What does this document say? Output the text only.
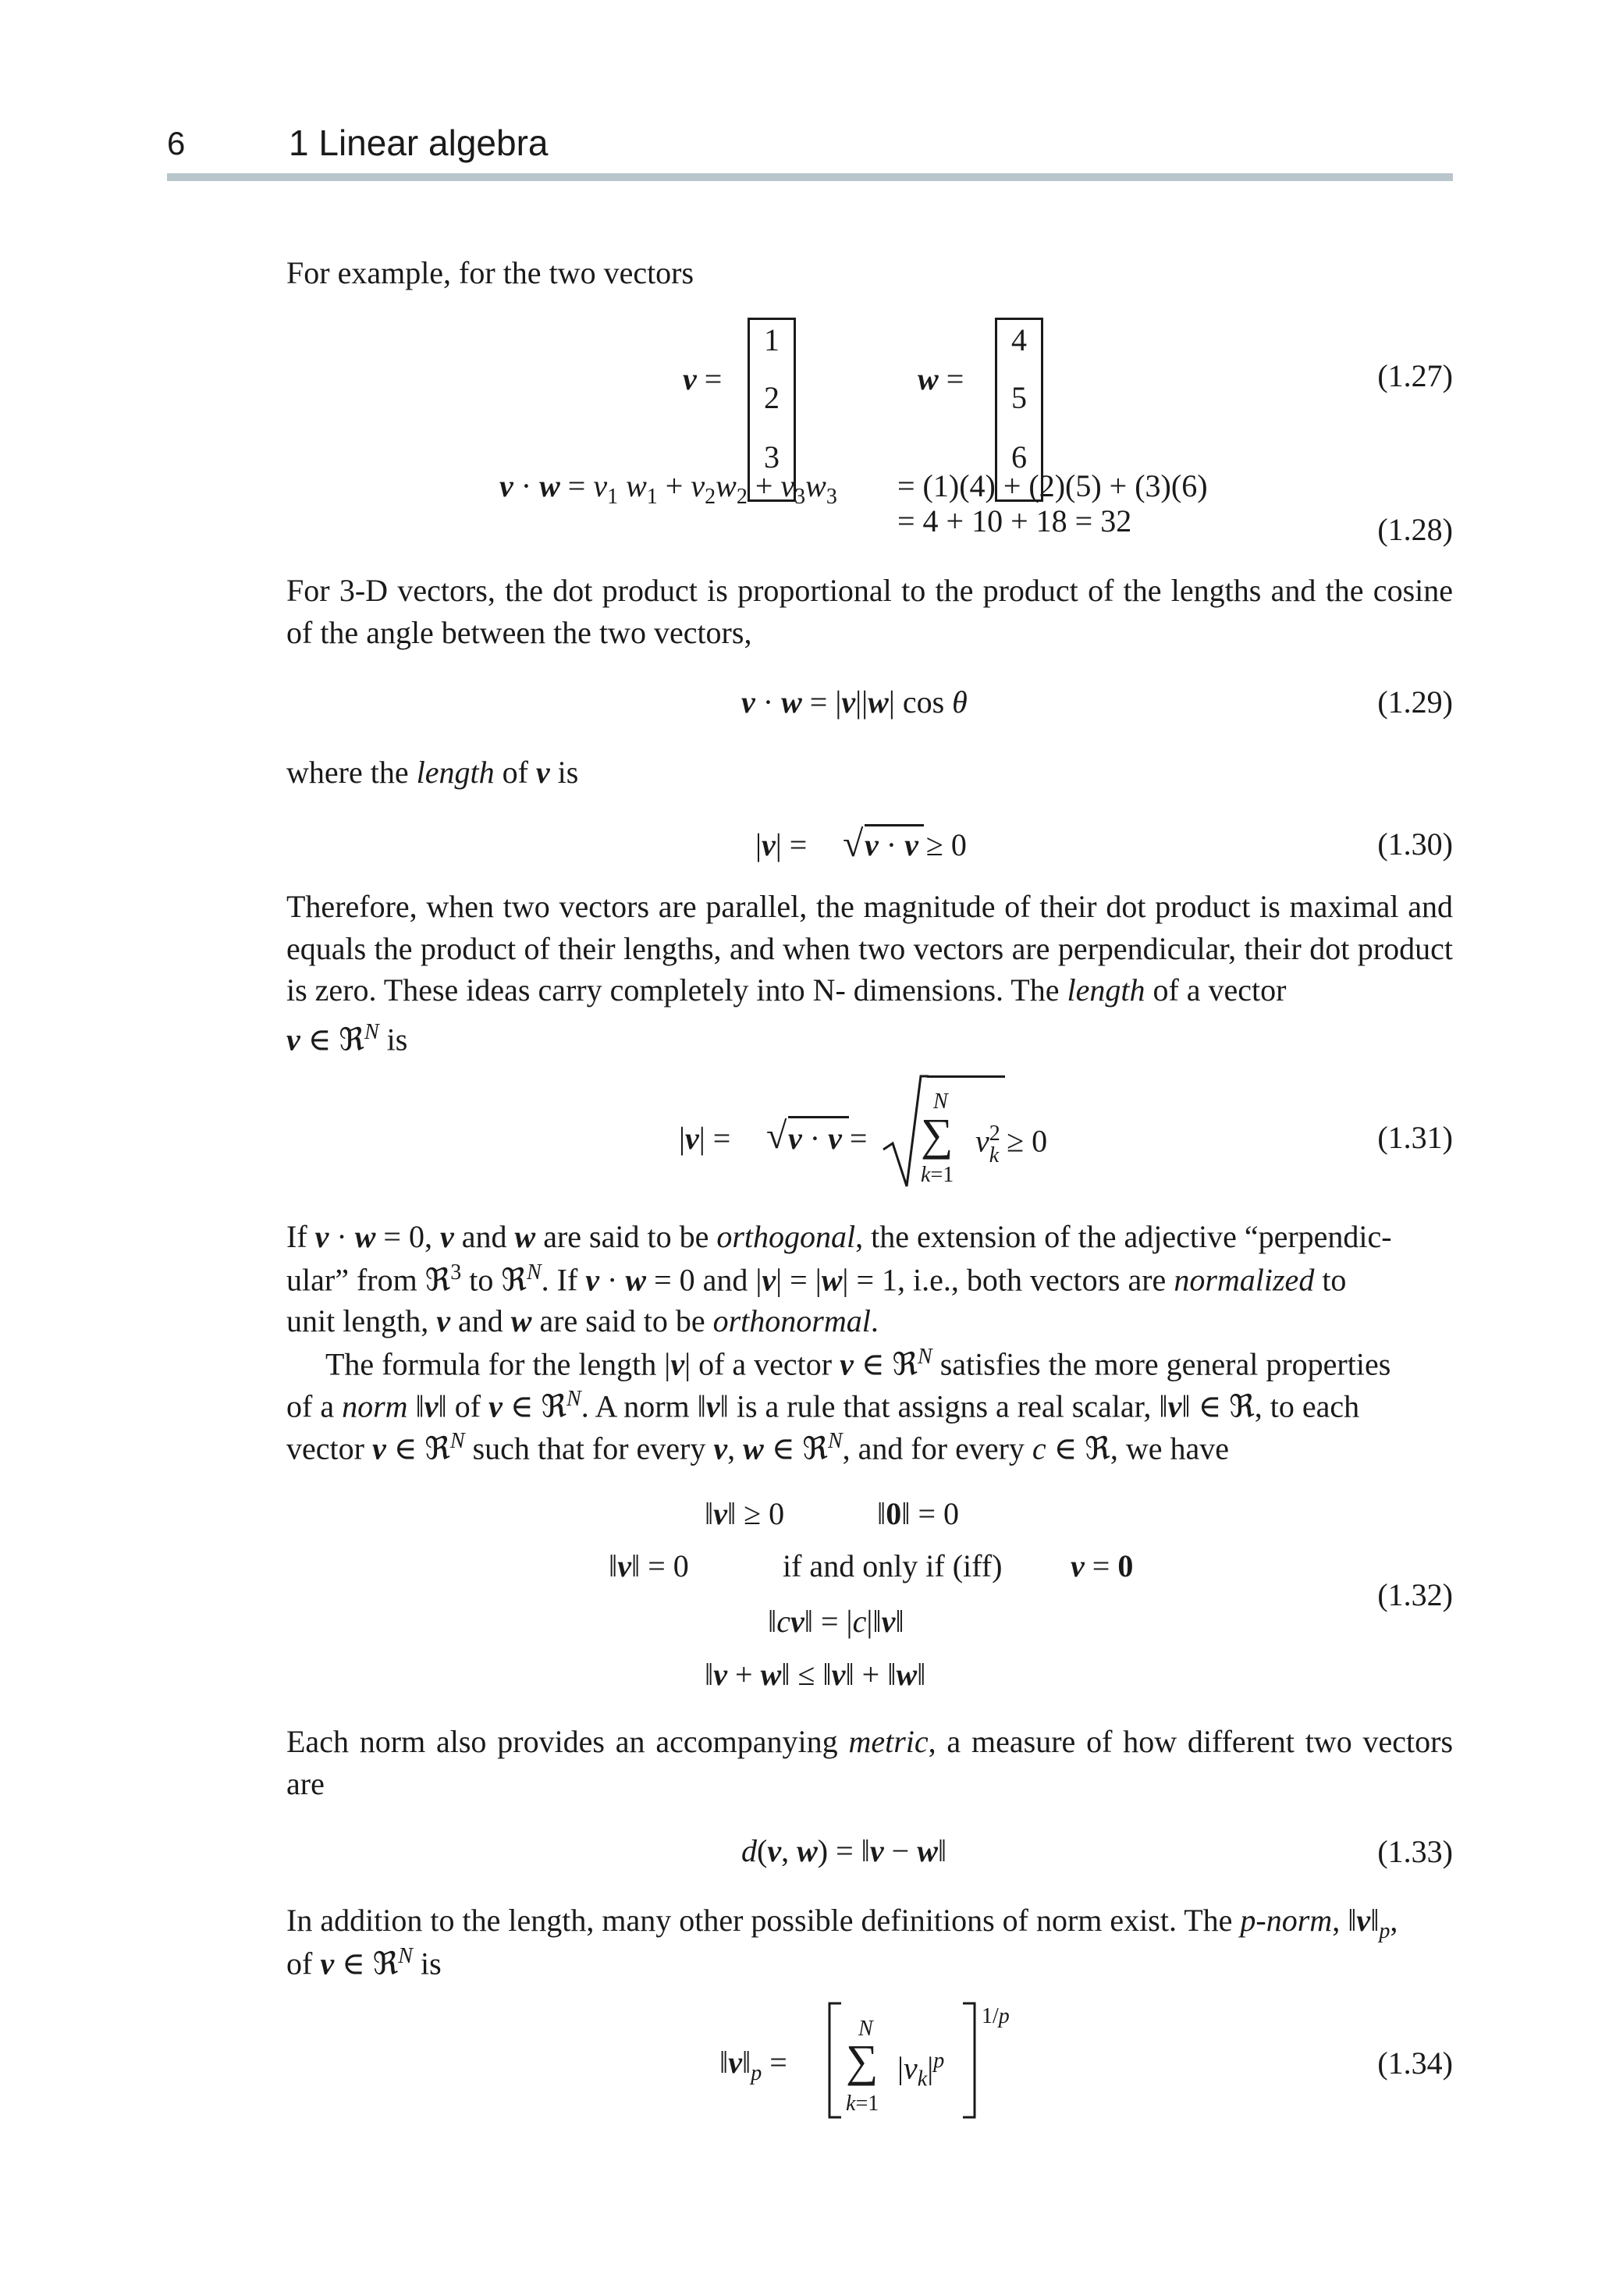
6	1 Linear algebra

For example, for the two vectors

v =
1
2
3
w =
4
5
6
(1.27)
$v \cdot w = v_1$ $w_1 + v_2w_2 + v_3w_3 = (1)(4) + (2)(5) + (3)(6)$
= 4 + 10 + 18 = 32	(1.28)

For 3-D vectors, the dot product is proportional to the product of the lengths and the cosine of the angle between the two vectors,

v · w = |v||w| cos θ	(1.29)

where the length of v is

|v| = √ v · v ≥ 0	(1.30)

Therefore, when two vectors are parallel, the magnitude of their dot product is maximal and equals the product of their lengths, and when two vectors are perpendicular, their dot product is zero. These ideas carry completely into N- dimensions. The length of a vector
v ∈ ℜ$^N$ is

|v| = √ v · v =
N
∑
k=1
$v^2_k \ge 0$	(1.31)

If v · w = 0, v and w are said to be orthogonal, the extension of the adjective “perpendic-

ular” from ℜ$^3$ to ℜ$^N$. If v · w = 0 and |v| = |w| = 1, i.e., both vectors are normalized to

unit length, v and w are said to be orthonormal.

The formula for the length |v| of a vector v ∈ ℜ$^N$ satisfies the more general properties

of a norm ‖v‖ of v ∈ ℜ$^N$. A norm ‖v‖ is a rule that assigns a real scalar, ‖v‖ ∈ ℜ, to each

vector v ∈ ℜ$^N$ such that for every v, w ∈ ℜ$^N$, and for every c ∈ ℜ, we have

‖v‖ ≥ 0	‖0‖ = 0
‖v‖ = 0	if and only if (iff) v = 0
‖cv‖ = |c|‖v‖
‖v + w‖ ≤ ‖v‖ + ‖w‖
(1.32)

Each norm also provides an accompanying metric, a measure of how different two vectors are

d(v, w) = ‖v − w‖	(1.33)

In addition to the length, many other possible definitions of norm exist. The p-norm, $‖v‖_p$,

of v ∈ ℜ$^N$ is

$‖v‖_p$ =
N
∑
k=1
$|v_k|^p$
1/p
(1.34)
